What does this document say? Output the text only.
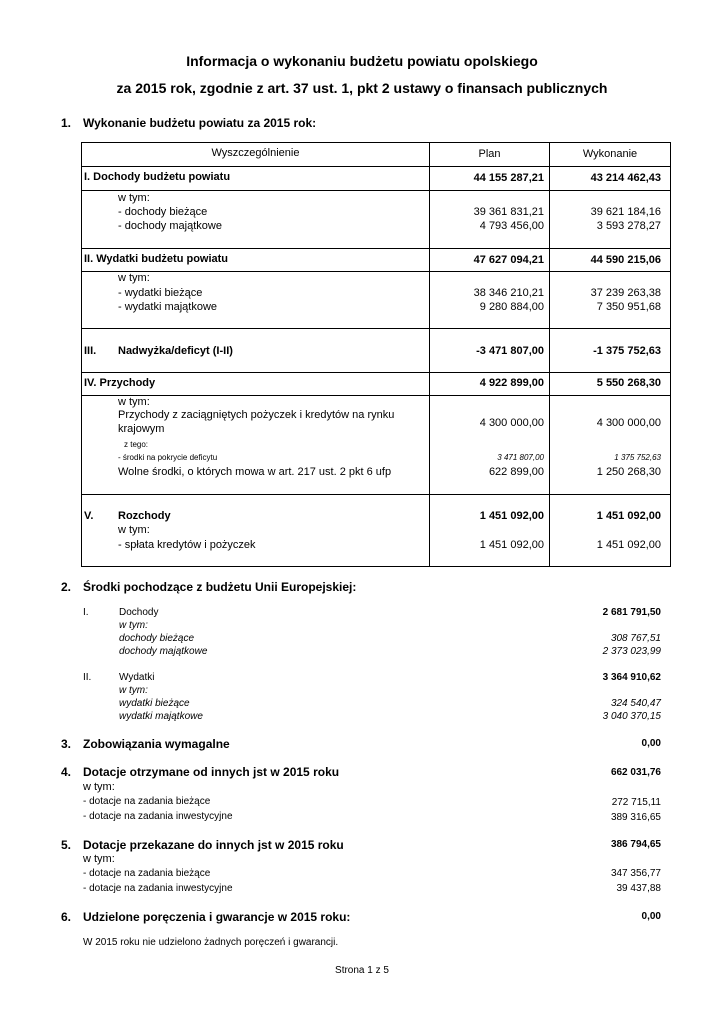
Informacja o wykonaniu budżetu powiatu opolskiego
za 2015 rok, zgodnie z art. 37 ust. 1, pkt 2 ustawy o finansach publicznych
1. Wykonanie budżetu powiatu za 2015 rok:
Wyszczególnienie	Plan	Wykonanie
I. Dochody budżetu powiatu	44 155 287,21	43 214 462,43
w tym:
- dochody bieżące	39 361 831,21	39 621 184,16
- dochody majątkowe	4 793 456,00	3 593 278,27
II. Wydatki budżetu powiatu	47 627 094,21	44 590 215,06
w tym:
- wydatki bieżące	38 346 210,21	37 239 263,38
- wydatki majątkowe	9 280 884,00	7 350 951,68
III. Nadwyżka/deficyt (I-II)	-3 471 807,00	-1 375 752,63
IV. Przychody	4 922 899,00	5 550 268,30
w tym:
Przychody z zaciągniętych pożyczek i kredytów na rynku
krajowym	4 300 000,00	4 300 000,00
z tego:
- środki na pokrycie deficytu	3 471 807,00	1 375 752,63
Wolne środki, o których mowa w art. 217 ust. 2 pkt 6 ufp	622 899,00	1 250 268,30
V. Rozchody	1 451 092,00	1 451 092,00
w tym:
- spłata kredytów i pożyczek	1 451 092,00	1 451 092,00
2. Środki pochodzące z budżetu Unii Europejskiej:
I.	Dochody	2 681 791,50
w tym:
dochody bieżące	308 767,51
dochody majątkowe	2 373 023,99
II.	Wydatki	3 364 910,62
w tym:
wydatki bieżące	324 540,47
wydatki majątkowe	3 040 370,15
3. Zobowiązania wymagalne	0,00
4. Dotacje otrzymane od innych jst w 2015 roku	662 031,76
w tym:
- dotacje na zadania bieżące	272 715,11
- dotacje na zadania inwestycyjne	389 316,65
5. Dotacje przekazane do innych jst w 2015 roku	386 794,65
w tym:
- dotacje na zadania bieżące	347 356,77
- dotacje na zadania inwestycyjne	39 437,88
6. Udzielone poręczenia i gwarancje w 2015 roku:	0,00
W 2015 roku nie udzielono żadnych poręczeń i gwarancji.
Strona 1 z 5
